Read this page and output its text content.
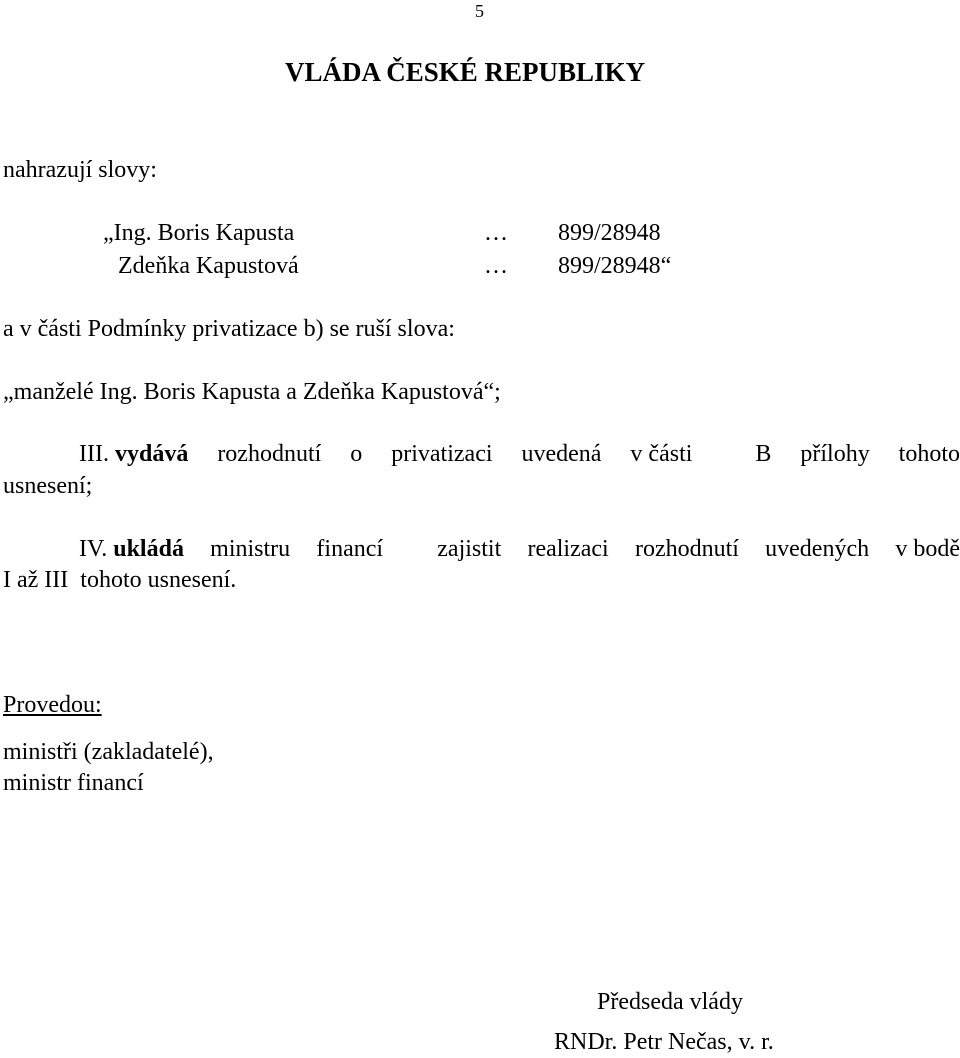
5
VLÁDA ČESKÉ REPUBLIKY
nahrazují slovy:
„Ing. Boris Kapusta	… 899/28948
Zdeňka Kapustová	… 899/28948“
a v části Podmínky privatizace b) se ruší slova:
„manželé Ing. Boris Kapusta a Zdeňka Kapustová“;
III. vydává rozhodnutí o privatizaci uvedená v části	B přílohy tohoto
usnesení;
IV. ukládá ministru financí zajistit realizaci rozhodnutí uvedených v bodě
I až III  tohoto usnesení.
Provedou:
ministři (zakladatelé),
ministr financí
Předseda vlády
RNDr. Petr Nečas, v. r.
